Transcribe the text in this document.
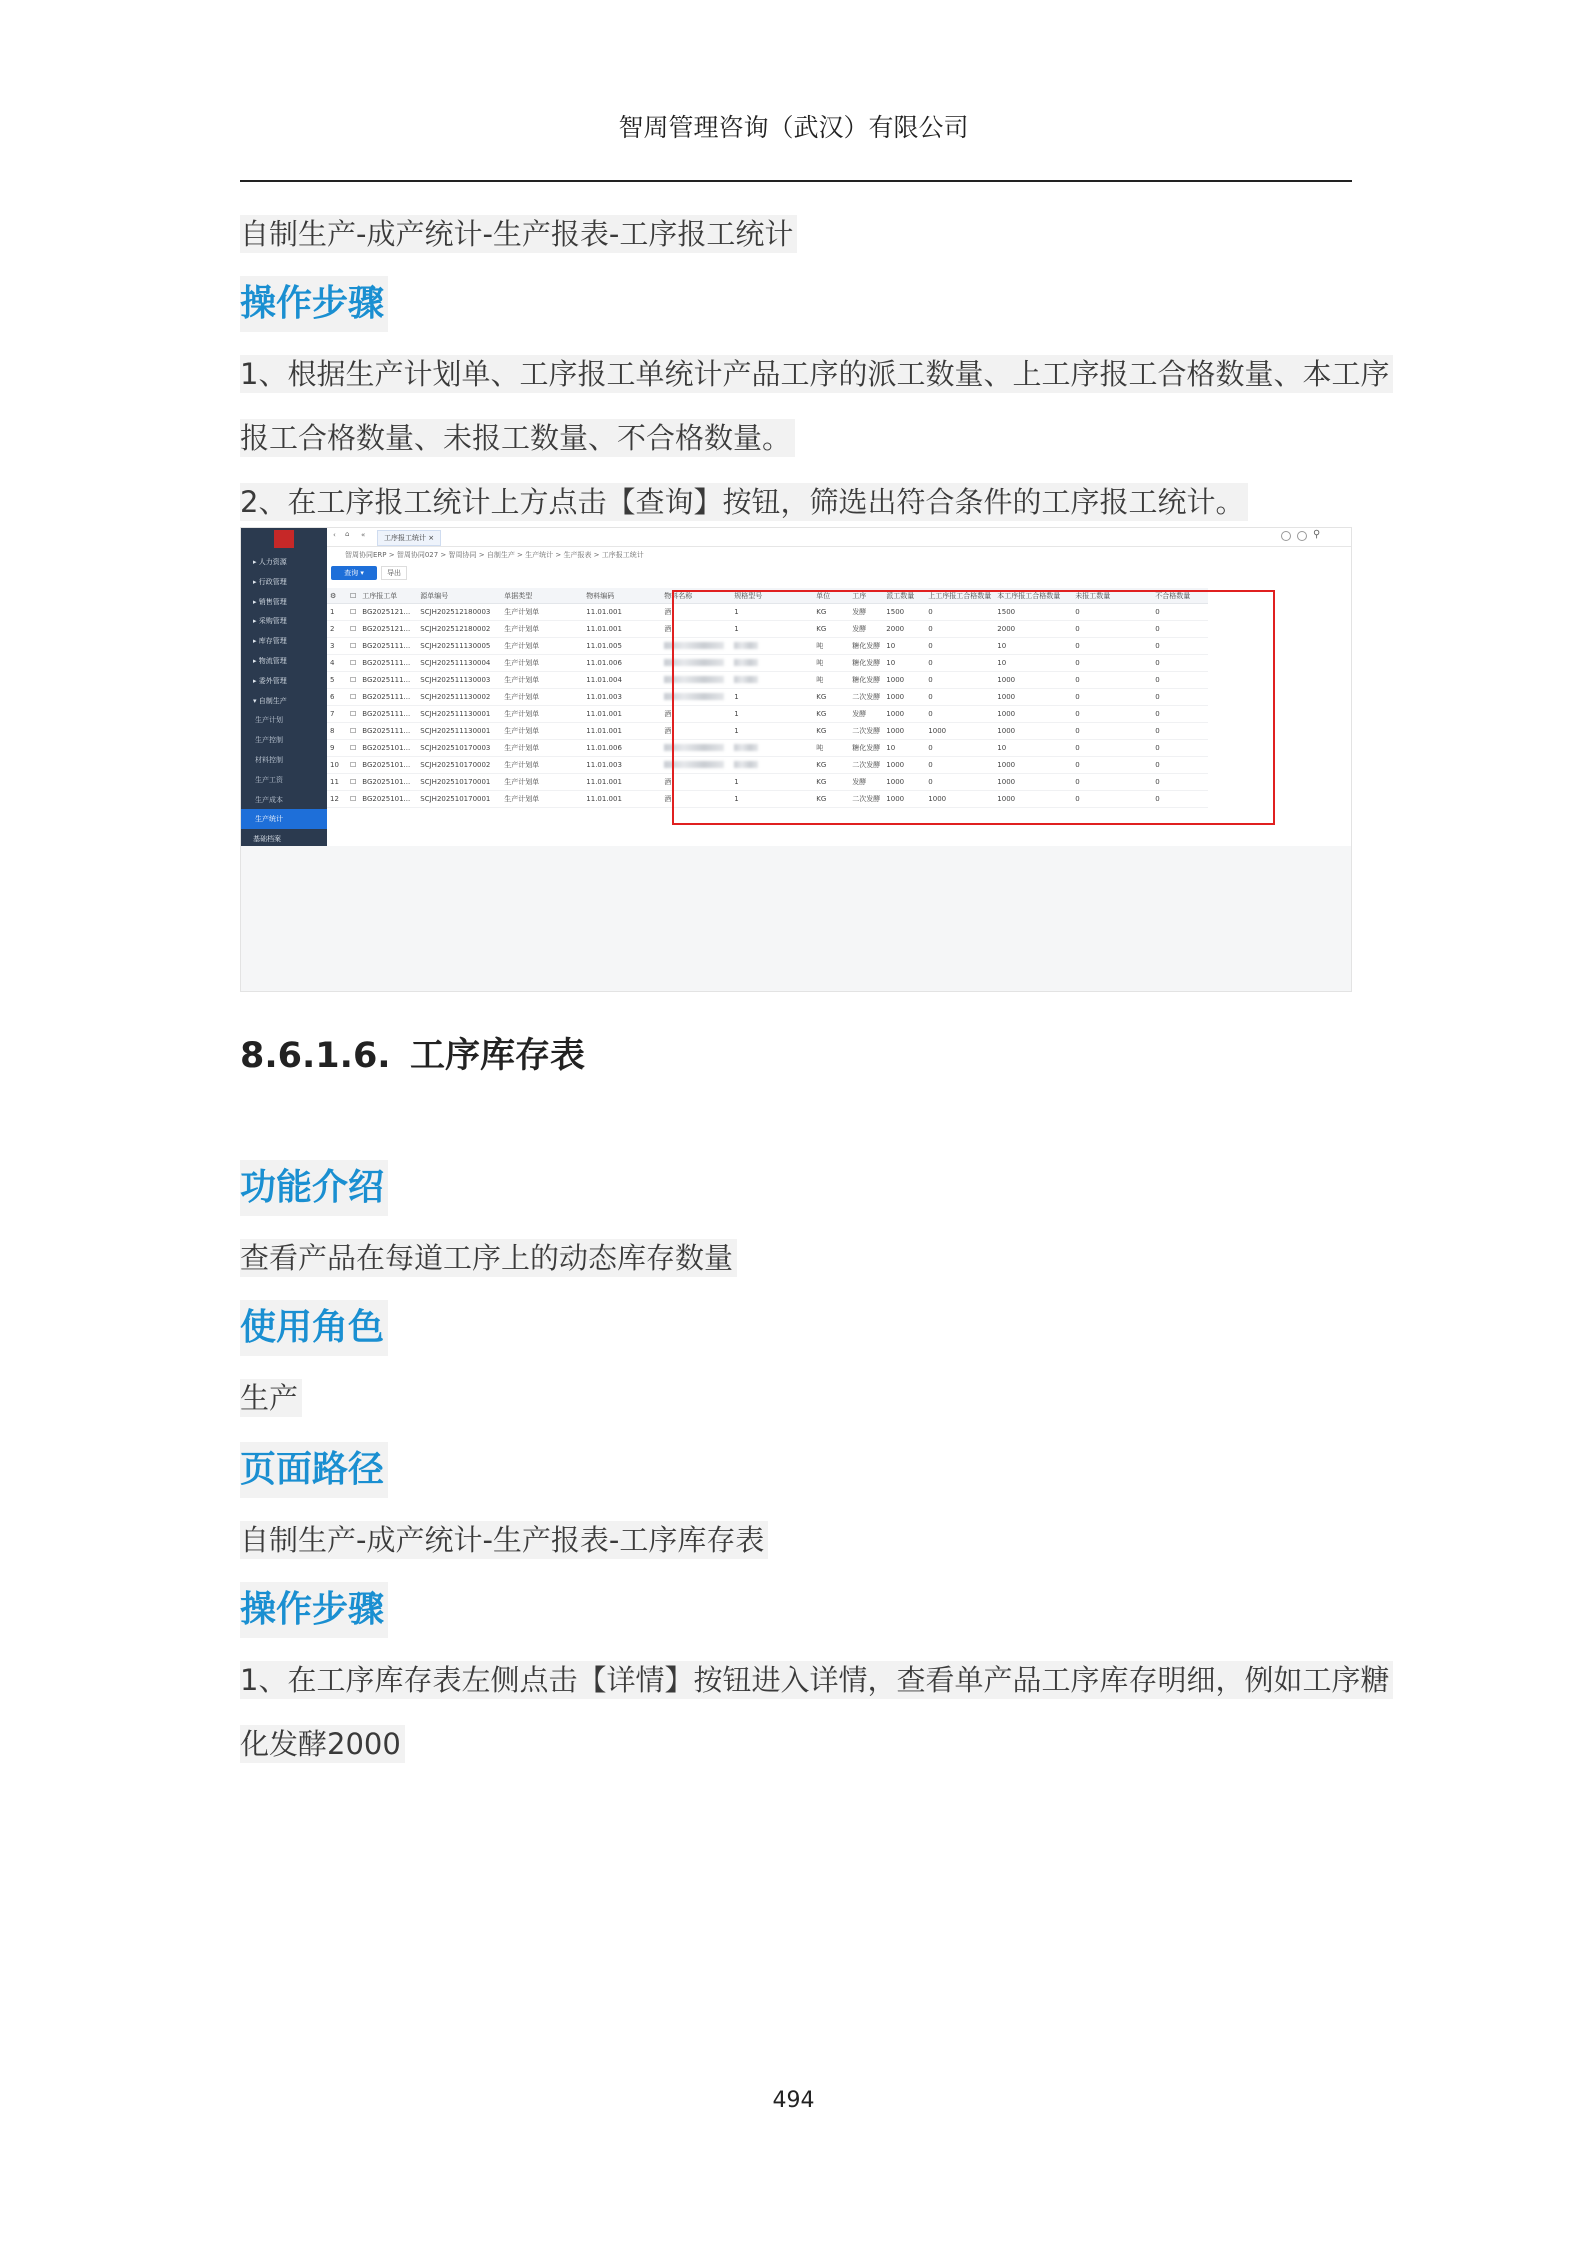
智周管理咨询（武汉）有限公司
自制生产-成产统计-生产报表-工序报工统计
操作步骤
1、根据生产计划单、工序报工单统计产品工序的派工数量、上工序报工合格数量、本工序
报工合格数量、未报工数量、不合格数量。
2、在工序报工统计上方点击【查询】按钮，筛选出符合条件的工序报工统计。
▸ 人力资源
▸ 行政管理
▸ 销售管理
▸ 采购管理
▸ 库存管理
▸ 物流管理
▸ 委外管理
▾ 自制生产
生产计划
生产控制
材料控制
生产工资
生产成本
生产统计
基础档案
‹ ⌂ «	工序报工统计 ×	⚲
智周协同ERP > 智周协同027 > 智周协同 > 自制生产 > 生产统计 > 生产报表 > 工序报工统计
查询 ▾	导出
⚙	☐	工序报工单	源单编号	单据类型	物料编码	物料名称	规格型号	单位	工序	派工数量	上工序报工合格数量	本工序报工合格数量	未报工数量	不合格数量
1	☐	BG2025121...	SCJH202512180003	生产计划单	11.01.001	酒	1	KG	发酵	1500	0	1500	0	0
2	☐	BG2025121...	SCJH202512180002	生产计划单	11.01.001	酒	1	KG	发酵	2000	0	2000	0	0
3	☐	BG2025111...	SCJH202511130005	生产计划单	11.01.005			吨	糖化发酵	10	0	10	0	0
4	☐	BG2025111...	SCJH202511130004	生产计划单	11.01.006			吨	糖化发酵	10	0	10	0	0
5	☐	BG2025111...	SCJH202511130003	生产计划单	11.01.004			吨	糖化发酵	1000	0	1000	0	0
6	☐	BG2025111...	SCJH202511130002	生产计划单	11.01.003		1	KG	二次发酵	1000	0	1000	0	0
7	☐	BG2025111...	SCJH202511130001	生产计划单	11.01.001	酒	1	KG	发酵	1000	0	1000	0	0
8	☐	BG2025111...	SCJH202511130001	生产计划单	11.01.001	酒	1	KG	二次发酵	1000	1000	1000	0	0
9	☐	BG2025101...	SCJH202510170003	生产计划单	11.01.006			吨	糖化发酵	10	0	10	0	0
10	☐	BG2025101...	SCJH202510170002	生产计划单	11.01.003			KG	二次发酵	1000	0	1000	0	0
11	☐	BG2025101...	SCJH202510170001	生产计划单	11.01.001	酒	1	KG	发酵	1000	0	1000	0	0
12	☐	BG2025101...	SCJH202510170001	生产计划单	11.01.001	酒	1	KG	二次发酵	1000	1000	1000	0	0
8.6.1.6. 工序库存表
功能介绍
查看产品在每道工序上的动态库存数量
使用角色
生产
页面路径
自制生产-成产统计-生产报表-工序库存表
操作步骤
1、在工序库存表左侧点击【详情】按钮进入详情，查看单产品工序库存明细，例如工序糖
化发酵2000
494
